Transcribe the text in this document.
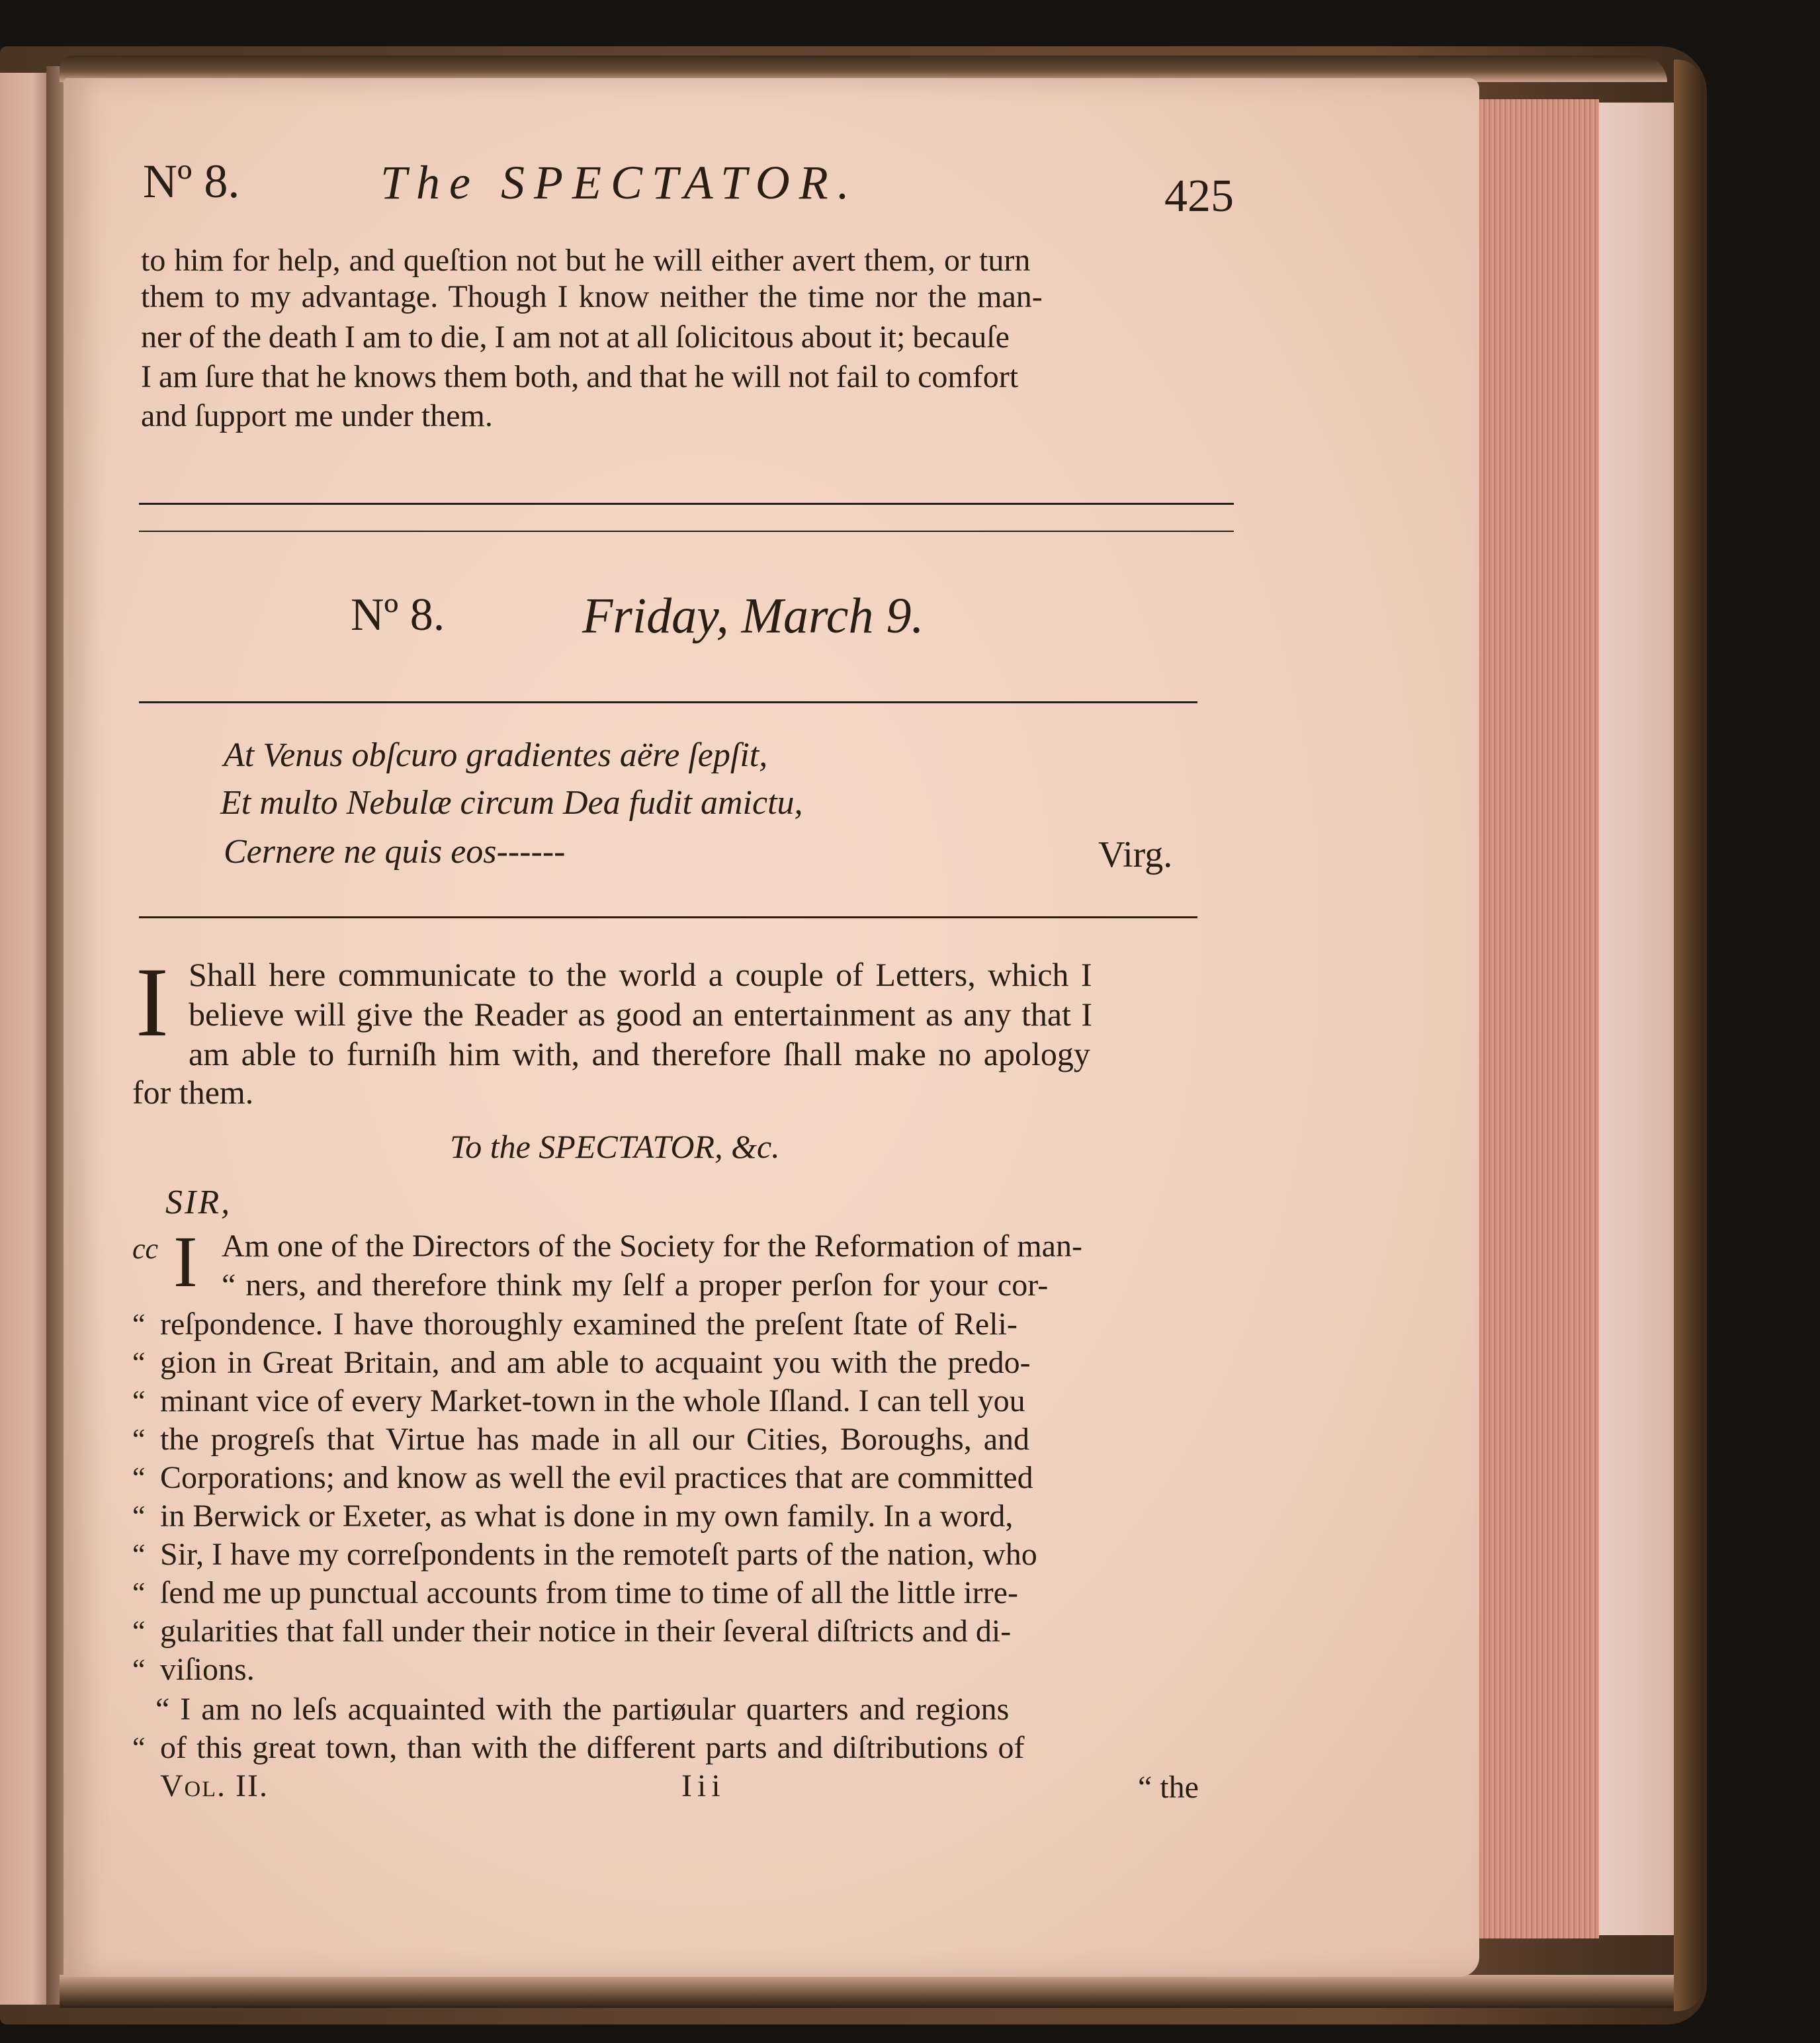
Nº 8.	The SPECTATOR.	425
to him for help, and queſtion not but he will either avert them, or turn
them to my advantage. Though I know neither the time nor the man-
ner of the death I am to die, I am not at all ſolicitous about it; becauſe
I am ſure that he knows them both, and that he will not fail to comfort
and ſupport me under them.
Nº 8.	Friday, March 9.
At Venus obſcuro gradientes aëre ſepſit,
Et multo Nebulæ circum Dea fudit amictu,
Cernere ne quis eos------	Virg.
I Shall here communicate to the world a couple of Letters, which I
believe will give the Reader as good an entertainment as any that I
am able to furniſh him with, and therefore ſhall make no apology
for them.
To the SPECTATOR, &c.
SIR,
cc I Am one of the Directors of the Society for the Reformation of man-
“ ners, and therefore think my ſelf a proper perſon for your cor-
“ reſpondence. I have thoroughly examined the preſent ſtate of Reli-
“ gion in Great Britain, and am able to acquaint you with the predo-
“ minant vice of every Market-town in the whole Iſland. I can tell you
“ the progreſs that Virtue has made in all our Cities, Boroughs, and
“ Corporations; and know as well the evil practices that are committed
“ in Berwick or Exeter, as what is done in my own family. In a word,
“ Sir, I have my correſpondents in the remoteſt parts of the nation, who
“ ſend me up punctual accounts from time to time of all the little irre-
“ gularities that fall under their notice in their ſeveral diſtricts and di-
“ viſions.
“ I am no leſs acquainted with the partiøular quarters and regions
“ of this great town, than with the different parts and diſtributions of
Vol. II.	Iii	“ the
